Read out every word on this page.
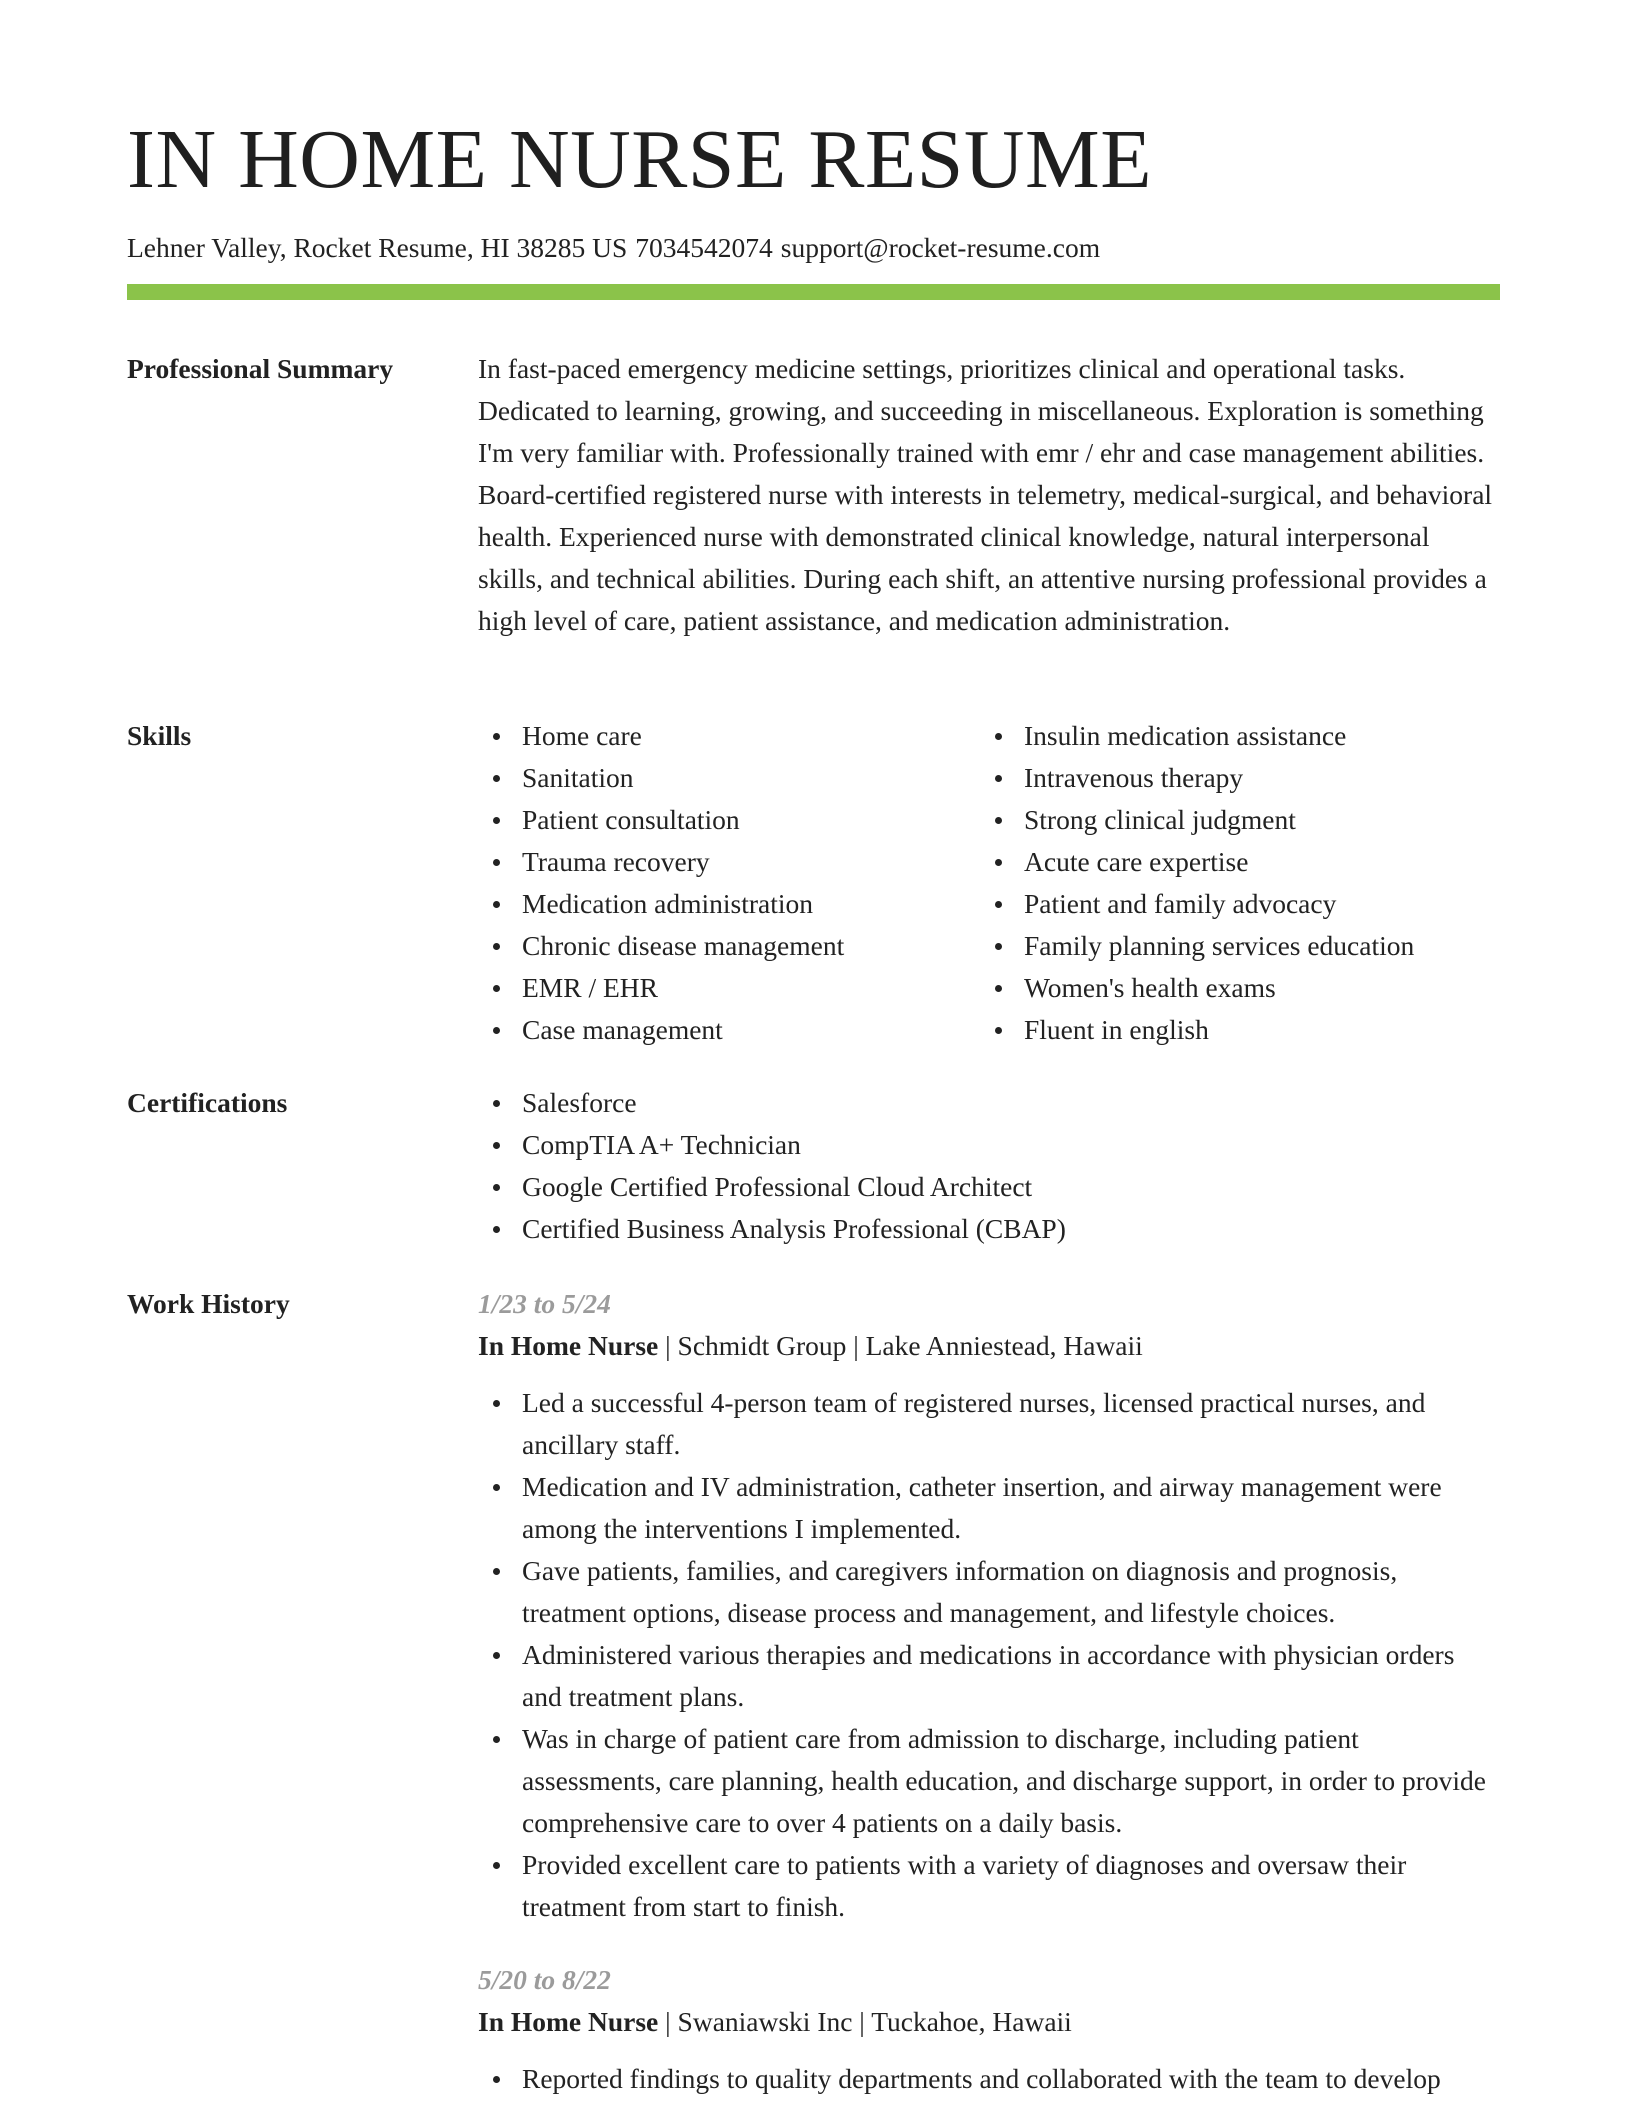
IN HOME NURSE RESUME
Lehner Valley, Rocket Resume, HI 38285 US 7034542074 support@rocket-resume.com
Professional Summary	In fast-paced emergency medicine settings, prioritizes clinical and operational tasks. Dedicated to learning, growing, and succeeding in miscellaneous. Exploration is something I'm very familiar with. Professionally trained with emr / ehr and case management abilities. Board-certified registered nurse with interests in telemetry, medical-surgical, and behavioral health. Experienced nurse with demonstrated clinical knowledge, natural interpersonal skills, and technical abilities. During each shift, an attentive nursing professional provides a high level of care, patient assistance, and medication administration.

Skills	Home care
Sanitation
Patient consultation
Trauma recovery
Medication administration
Chronic disease management
EMR / EHR
Case management
Insulin medication assistance
Intravenous therapy
Strong clinical judgment
Acute care expertise
Patient and family advocacy
Family planning services education
Women's health exams
Fluent in english
Certifications	Salesforce
CompTIA A+ Technician
Google Certified Professional Cloud Architect
Certified Business Analysis Professional (CBAP)
Work History	1/23 to 5/24
In Home Nurse | Schmidt Group | Lake Anniestead, Hawaii
Led a successful 4-person team of registered nurses, licensed practical nurses, and ancillary staff.
Medication and IV administration, catheter insertion, and airway management were among the interventions I implemented.
Gave patients, families, and caregivers information on diagnosis and prognosis, treatment options, disease process and management, and lifestyle choices.
Administered various therapies and medications in accordance with physician orders and treatment plans.
Was in charge of patient care from admission to discharge, including patient assessments, care planning, health education, and discharge support, in order to provide comprehensive care to over 4 patients on a daily basis.
Provided excellent care to patients with a variety of diagnoses and oversaw their treatment from start to finish.
5/20 to 8/22
In Home Nurse | Swaniawski Inc | Tuckahoe, Hawaii
Reported findings to quality departments and collaborated with the team to develop
